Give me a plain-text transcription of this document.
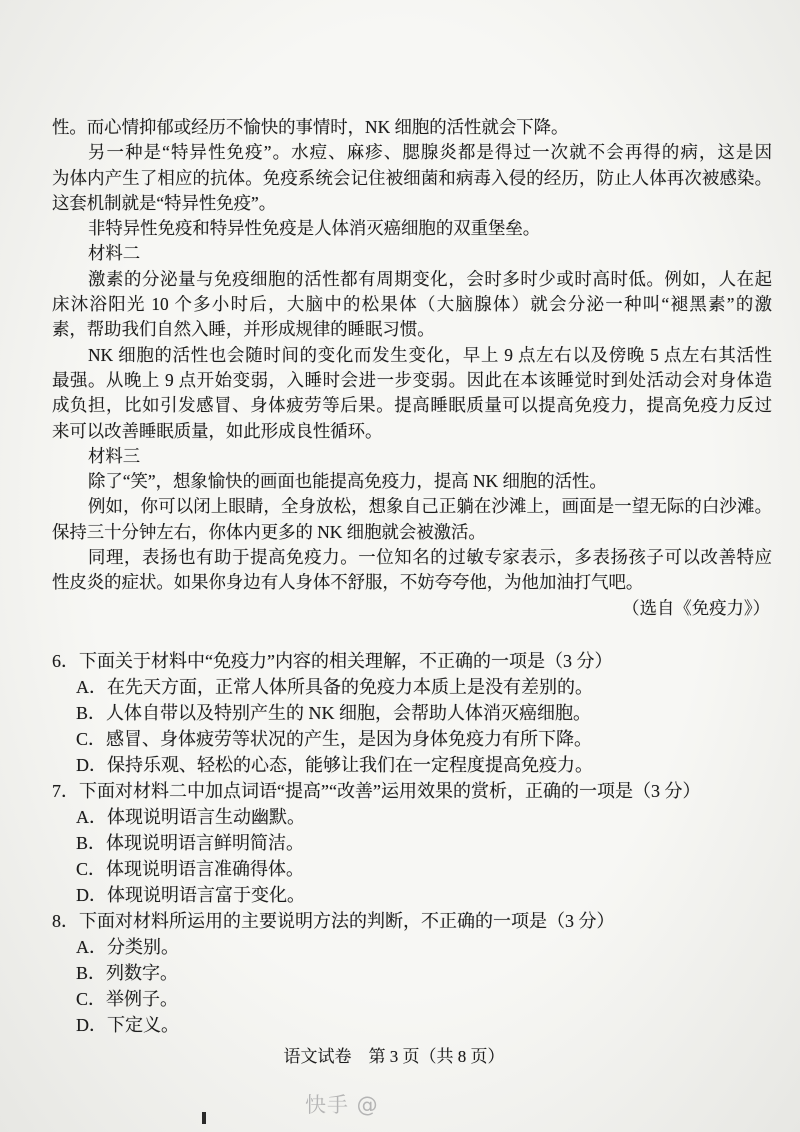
性。而心情抑郁或经历不愉快的事情时，NK 细胞的活性就会下降。
另一种是“特异性免疫”。水痘、麻疹、腮腺炎都是得过一次就不会再得的病，这是因
为体内产生了相应的抗体。免疫系统会记住被细菌和病毒入侵的经历，防止人体再次被感染。
这套机制就是“特异性免疫”。
非特异性免疫和特异性免疫是人体消灭癌细胞的双重堡垒。
材料二
激素的分泌量与免疫细胞的活性都有周期变化，会时多时少或时高时低。例如，人在起
床沐浴阳光 10 个多小时后，大脑中的松果体（大脑腺体）就会分泌一种叫“褪黑素”的激
素，帮助我们自然入睡，并形成规律的睡眠习惯。
NK 细胞的活性也会随时间的变化而发生变化，早上 9 点左右以及傍晚 5 点左右其活性
最强。从晚上 9 点开始变弱，入睡时会进一步变弱。因此在本该睡觉时到处活动会对身体造
成负担，比如引发感冒、身体疲劳等后果。提高睡眠质量可以提高免疫力，提高免疫力反过
来可以改善睡眠质量，如此形成良性循环。
材料三
除了“笑”，想象愉快的画面也能提高免疫力，提高 NK 细胞的活性。
例如，你可以闭上眼睛，全身放松，想象自己正躺在沙滩上，画面是一望无际的白沙滩。
保持三十分钟左右，你体内更多的 NK 细胞就会被激活。
同理，表扬也有助于提高免疫力。一位知名的过敏专家表示，多表扬孩子可以改善特应
性皮炎的症状。如果你身边有人身体不舒服，不妨夸夸他，为他加油打气吧。
（选自《免疫力》）
6．下面关于材料中“免疫力”内容的相关理解，不正确的一项是（3 分）
A．在先天方面，正常人体所具备的免疫力本质上是没有差别的。
B．人体自带以及特别产生的 NK 细胞，会帮助人体消灭癌细胞。
C．感冒、身体疲劳等状况的产生，是因为身体免疫力有所下降。
D．保持乐观、轻松的心态，能够让我们在一定程度提高免疫力。
7．下面对材料二中加点词语“提高”“改善”运用效果的赏析，正确的一项是（3 分）
A．体现说明语言生动幽默。
B．体现说明语言鲜明简洁。
C．体现说明语言准确得体。
D．体现说明语言富于变化。
8．下面对材料所运用的主要说明方法的判断，不正确的一项是（3 分）
A．分类别。
B．列数字。
C．举例子。
D．下定义。
语文试卷　第 3 页（共 8 页）
快手 @
